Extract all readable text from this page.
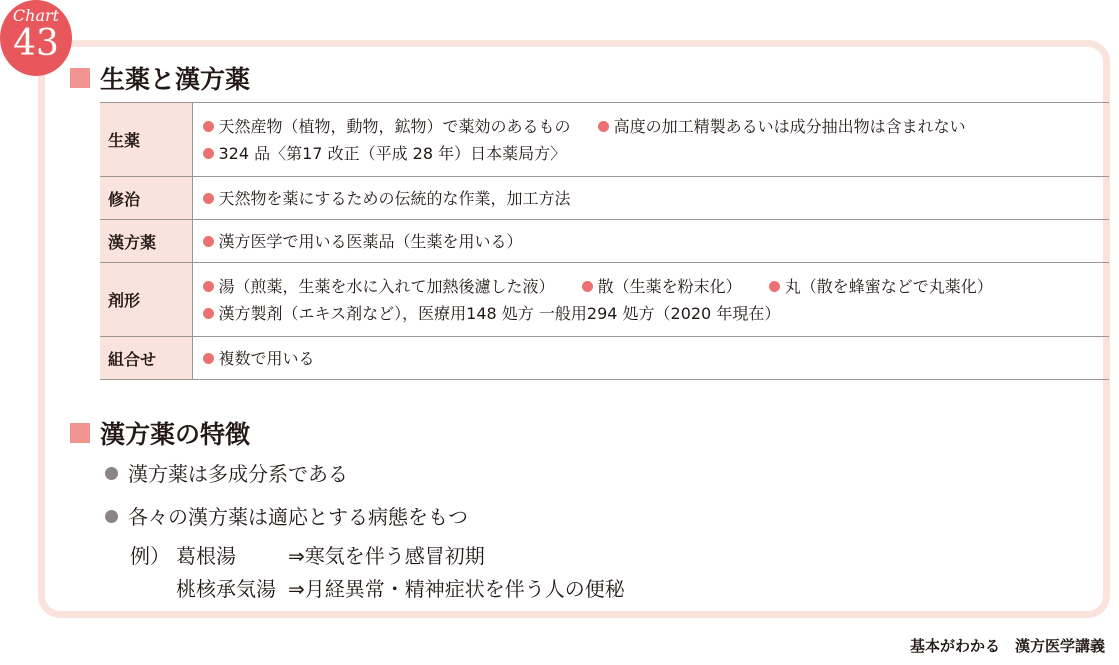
Chart
43
生薬と漢方薬
生薬	天然産物（植物，動物，鉱物）で薬効のあるもの 高度の加工精製あるいは成分抽出物は含まれない
324 品〈第17 改正（平成 28 年）日本薬局方〉

修治	天然物を薬にするための伝統的な作業，加工方法
漢方薬	漢方医学で用いる医薬品（生薬を用いる）
剤形	湯（煎薬，生薬を水に入れて加熱後濾した液） 散（生薬を粉末化） 丸（散を蜂蜜などで丸薬化）
漢方製剤（エキス剤など），医療用148 処方 一般用294 処方（2020 年現在）

組合せ	複数で用いる
漢方薬の特徴
漢方薬は多成分系である
各々の漢方薬は適応とする病態をもつ
例） 葛根湯	⇒寒気を伴う感冒初期
桃核承気湯 ⇒月経異常・精神症状を伴う人の便秘
基本がわかる　漢方医学講義
